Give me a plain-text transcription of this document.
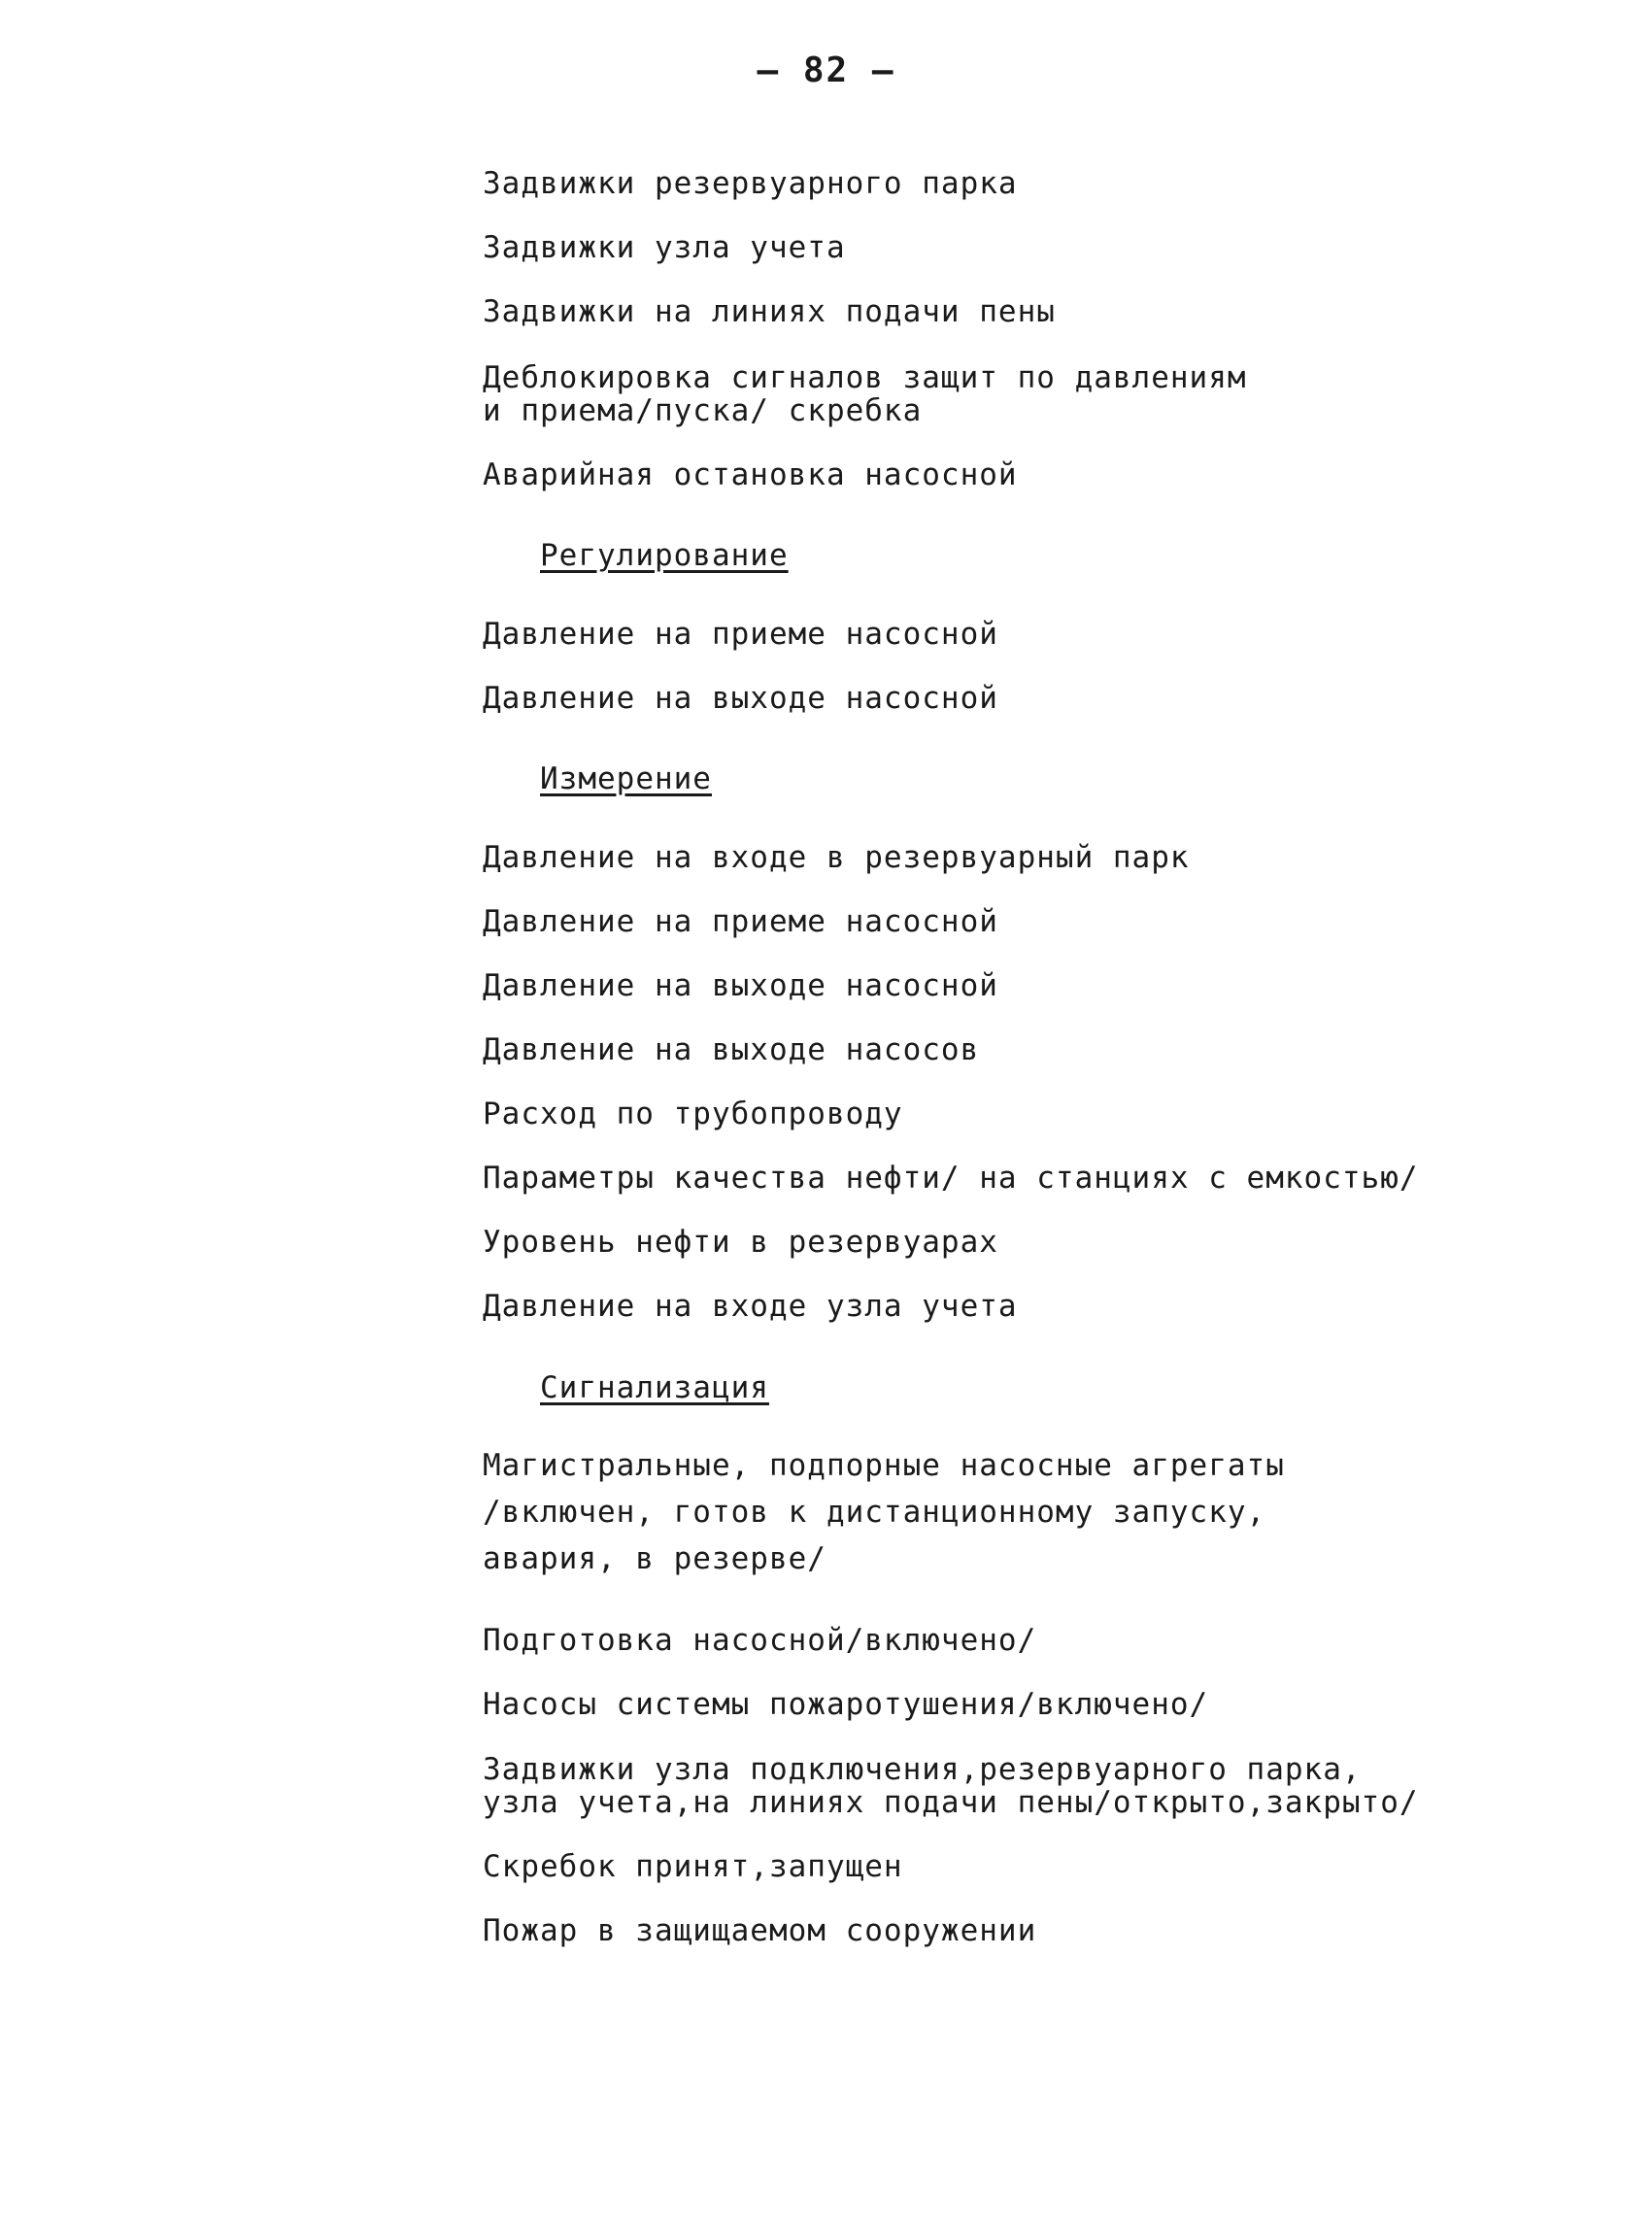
– 82 –
Задвижки резервуарного парка
Задвижки узла учета
Задвижки на линиях подачи пены
Деблокировка сигналов защит по давлениям
и приема/пуска/ скребка
Аварийная остановка насосной
Регулирование
Давление на приеме насосной
Давление на выходе насосной
Измерение
Давление на входе в резервуарный парк
Давление на приеме насосной
Давление на выходе насосной
Давление на выходе насосов
Расход по трубопроводу
Параметры качества нефти/ на станциях с емкостью/
Уровень нефти в резервуарах
Давление на входе узла учета
Сигнализация
Магистральные, подпорные насосные агрегаты
/включен, готов к дистанционному запуску,
авария, в резерве/
Подготовка насосной/включено/
Насосы системы пожаротушения/включено/
Задвижки узла подключения,резервуарного парка,
узла учета,на линиях подачи пены/открыто,закрыто/
Скребок принят,запущен
Пожар в защищаемом сооружении
